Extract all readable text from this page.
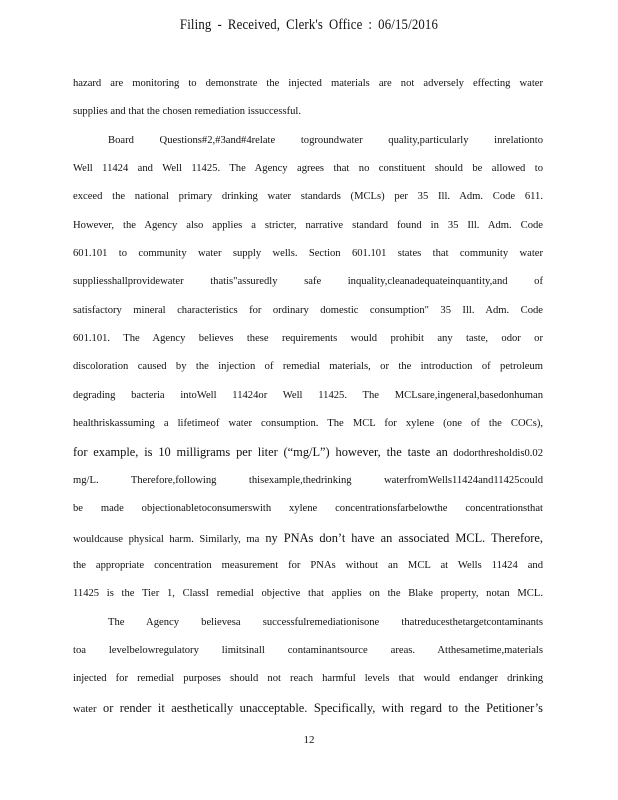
Filing - Received, Clerk's Office : 06/15/2016
hazard are monitoring to demonstrate the injected materials are not adversely effecting water
supplies and that the chosen remediation issuccessful.
Board Questions#2,#3and#4relate togroundwater quality,particularly inrelationto
Well 11424 and Well 11425. The Agency agrees that no constituent should be allowed to
exceed the national primary drinking water standards (MCLs) per 35 Ill. Adm. Code 611.
However, the Agency also applies a stricter, narrative standard found in 35 Ill. Adm. Code
601.101 to community water supply wells. Section 601.101 states that community water
suppliesshallprovidewater thatis"assuredly safe inquality,cleanadequateinquantity,and of
satisfactory mineral characteristics for ordinary domestic consumption" 35 Ill. Adm. Code
601.101. The Agency believes these requirements would prohibit any taste, odor or
discoloration caused by the injection of remedial materials, or the introduction of petroleum
degrading bacteria intoWell 11424or Well 11425. The MCLsare,ingeneral,basedonhuman
healthriskassuming a lifetimeof water consumption. The MCL for xylene (one of the COCs),
for example, is 10 milligrams per liter (“mg/L”) however, the taste an dodorthresholdis0.02
mg/L. Therefore,following thisexample,thedrinking waterfromWells11424and11425could
be made objectionabletoconsumerswith xylene concentrationsfarbelowthe concentrationsthat
wouldcause physical harm. Similarly, ma ny PNAs don’t have an associated MCL. Therefore,
the appropriate concentration measurement for PNAs without an MCL at Wells 11424 and
11425 is the Tier 1, ClassI remedial objective that applies on the Blake property, notan MCL.
The Agency believesa successfulremediationisone thatreducesthetargetcontaminants
toa levelbelowregulatory limitsinall contaminantsource areas. Atthesametime,materials
injected for remedial purposes should not reach harmful levels that would endanger drinking
water or render it aesthetically unacceptable. Specifically, with regard to the Petitioner’s
12
